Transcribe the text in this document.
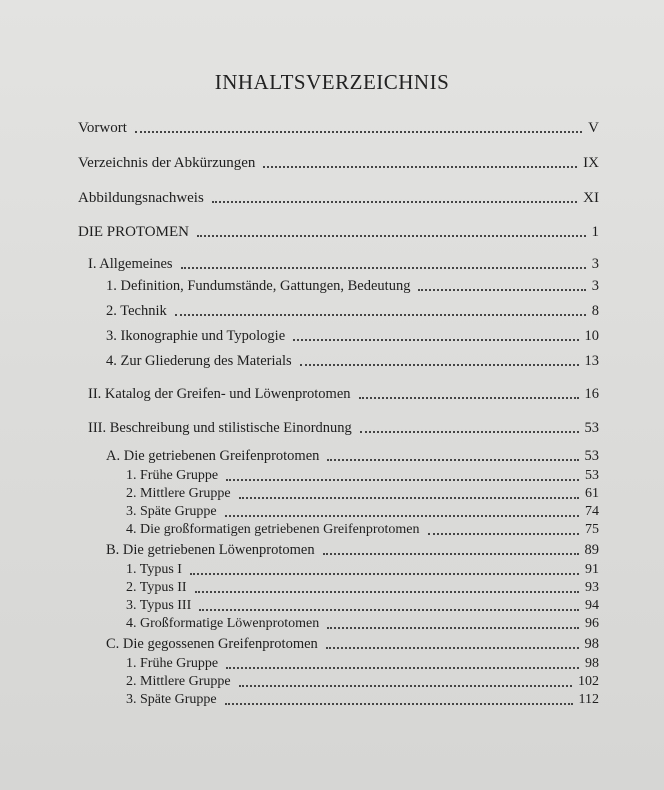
INHALTSVERZEICHNIS
Vorwort	V
Verzeichnis der Abkürzungen	IX
Abbildungsnachweis	XI
DIE PROTOMEN	1
I. Allgemeines	3
1. Definition, Fundumstände, Gattungen, Bedeutung	3
2. Technik	8
3. Ikonographie und Typologie	10
4. Zur Gliederung des Materials	13
II. Katalog der Greifen- und Löwenprotomen	16
III. Beschreibung und stilistische Einordnung	53
A. Die getriebenen Greifenprotomen	53
1. Frühe Gruppe	53
2. Mittlere Gruppe	61
3. Späte Gruppe	74
4. Die großformatigen getriebenen Greifenprotomen	75
B. Die getriebenen Löwenprotomen	89
1. Typus I	91
2. Typus II	93
3. Typus III	94
4. Großformatige Löwenprotomen	96
C. Die gegossenen Greifenprotomen	98
1. Frühe Gruppe	98
2. Mittlere Gruppe	102
3. Späte Gruppe	112
